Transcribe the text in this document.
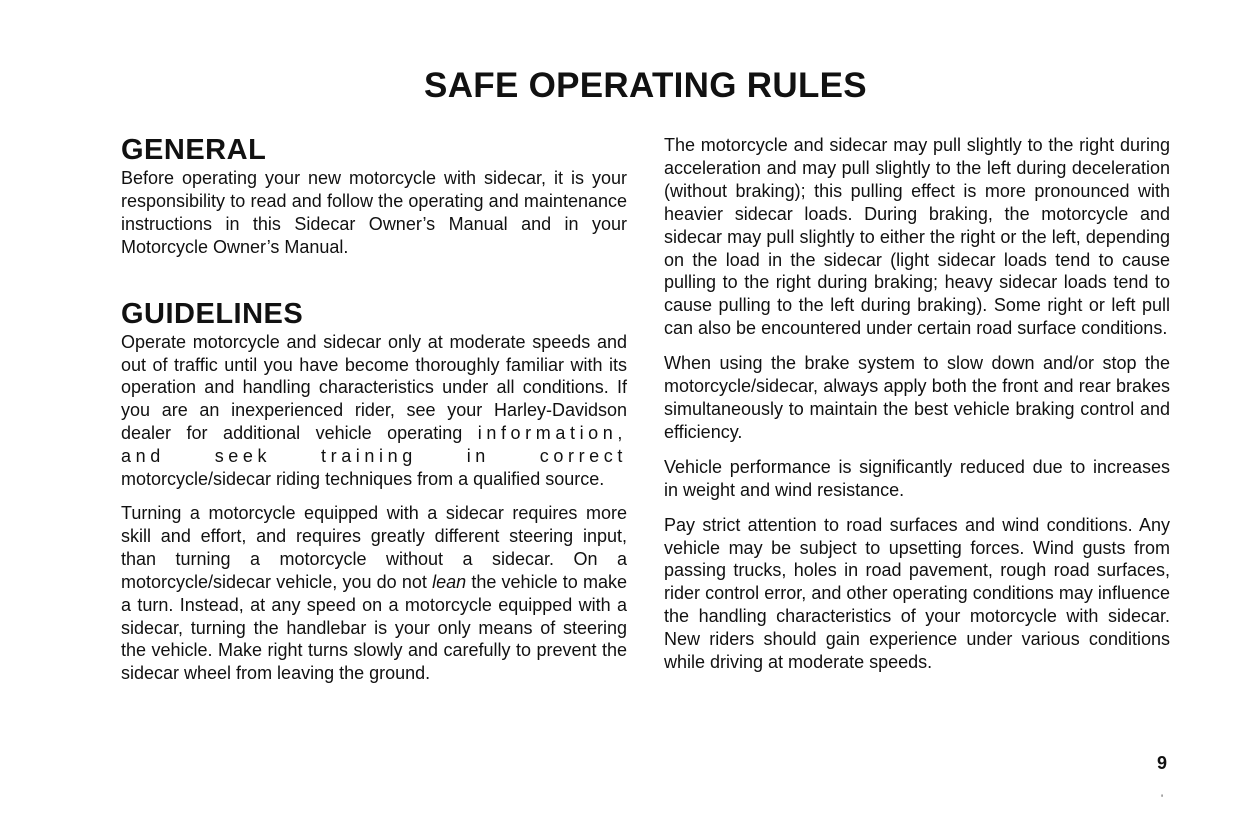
SAFE OPERATING RULES
GENERAL

Before operating your new motorcycle with sidecar, it is your responsibility to read and follow the operating and maintenance instructions in this Sidecar Owner’s Manual and in your Motorcycle Owner’s Manual.

GUIDELINES

Operate motorcycle and sidecar only at moderate speeds and out of traffic until you have become thoroughly familiar with its operation and handling characteristics under all conditions. If you are an inexperienced rider, see your Harley-Davidson dealer for additional vehicle operating information, and seek training in correct motorcycle/sidecar riding techniques from a qualified source.

Turning a motorcycle equipped with a sidecar requires more skill and effort, and requires greatly different steering input, than turning a motorcycle without a sidecar. On a motorcycle/sidecar vehicle, you do not lean the vehicle to make a turn. Instead, at any speed on a motorcycle equipped with a sidecar, turning the handlebar is your only means of steering the vehicle. Make right turns slowly and carefully to prevent the sidecar wheel from leaving the ground.

The motorcycle and sidecar may pull slightly to the right during acceleration and may pull slightly to the left during deceleration (without braking); this pulling effect is more pronounced with heavier sidecar loads. During braking, the motorcycle and sidecar may pull slightly to either the right or the left, depending on the load in the sidecar (light sidecar loads tend to cause pulling to the right during braking; heavy sidecar loads tend to cause pulling to the left during braking). Some right or left pull can also be encountered under certain road surface conditions.

When using the brake system to slow down and/or stop the motorcycle/sidecar, always apply both the front and rear brakes simultaneously to maintain the best vehicle braking control and efficiency.

Vehicle performance is significantly reduced due to increases in weight and wind resistance.

Pay strict attention to road surfaces and wind conditions. Any vehicle may be subject to upsetting forces. Wind gusts from passing trucks, holes in road pavement, rough road surfaces, rider control error, and other operating conditions may influence the handling characteristics of your motorcycle with sidecar. New riders should gain experience under various conditions while driving at moderate speeds.

9
'
